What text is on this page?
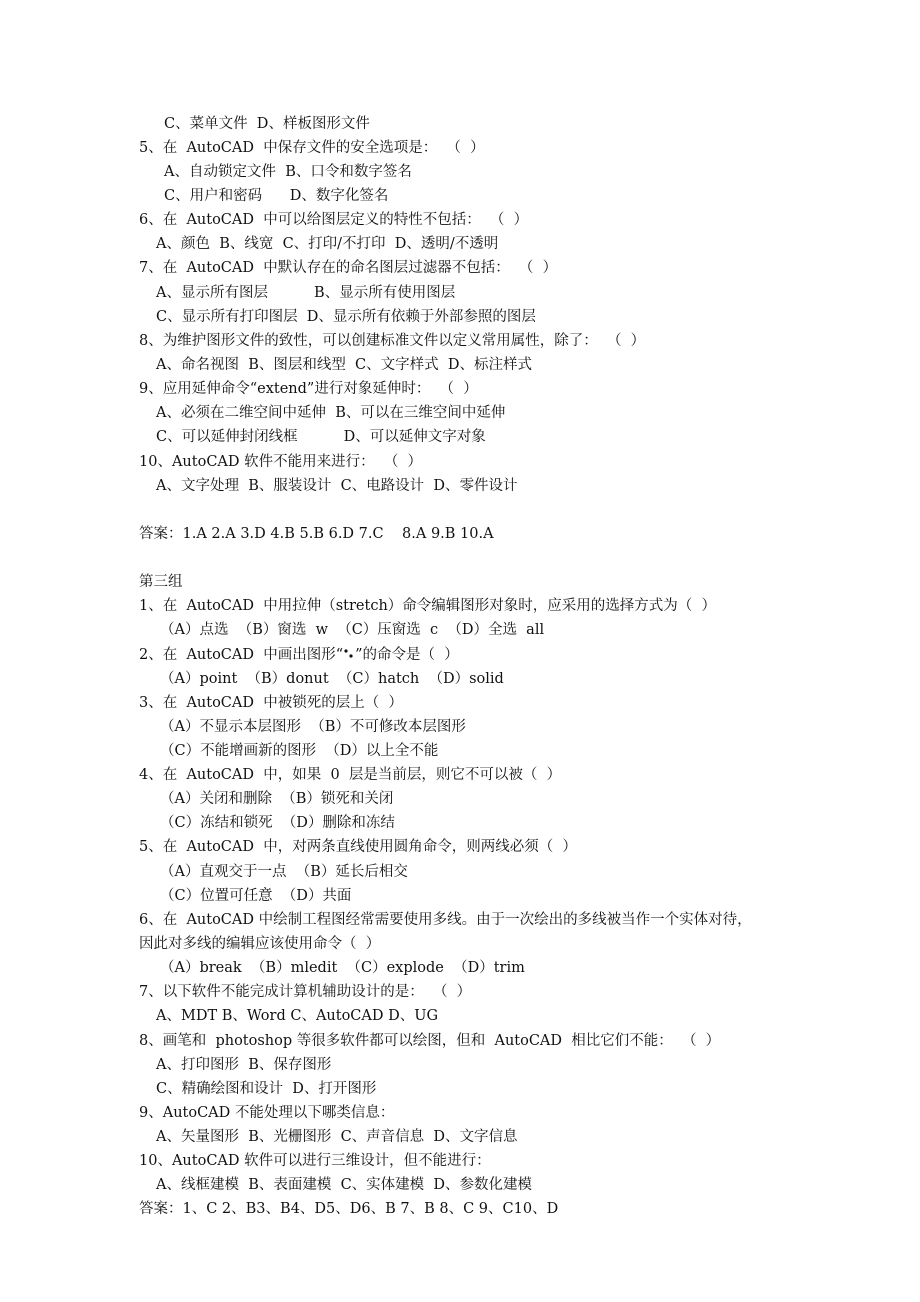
C、菜单文件  D、样板图形文件
5、在  AutoCAD  中保存文件的安全选项是：  （  ）
A、自动锁定文件  B、口令和数字签名
C、用户和密码      D、数字化签名
6、在  AutoCAD  中可以给图层定义的特性不包括：  （  ）
A、颜色  B、线宽  C、打印/不打印  D、透明/不透明
7、在  AutoCAD  中默认存在的命名图层过滤器不包括：  （  ）
A、显示所有图层          B、显示所有使用图层
C、显示所有打印图层  D、显示所有依赖于外部参照的图层
8、为维护图形文件的致性，可以创建标准文件以定义常用属性，除了：  （  ）
A、命名视图  B、图层和线型  C、文字样式  D、标注样式
9、应用延伸命令“extend”进行对象延伸时：  （  ）
A、必须在二维空间中延伸  B、可以在三维空间中延伸
C、可以延伸封闭线框          D、可以延伸文字对象
10、AutoCAD 软件不能用来进行：  （  ）
A、文字处理  B、服装设计  C、电路设计  D、零件设计
答案：1.A 2.A 3.D 4.B 5.B 6.D 7.C    8.A 9.B 10.A
第三组
1、在  AutoCAD  中用拉伸（stretch）命令编辑图形对象时，应采用的选择方式为（  ）
（A）点选  （B）窗选  w  （C）压窗选  c  （D）全选  all
2、在  AutoCAD  中画出图形“ ”的命令是（  ）
（A）point  （B）donut  （C）hatch  （D）solid
3、在  AutoCAD  中被锁死的层上（  ）
（A）不显示本层图形  （B）不可修改本层图形
（C）不能增画新的图形  （D）以上全不能
4、在  AutoCAD  中，如果  0  层是当前层，则它不可以被（  ）
（A）关闭和删除  （B）锁死和关闭
（C）冻结和锁死  （D）删除和冻结
5、在  AutoCAD  中，对两条直线使用圆角命令，则两线必须（  ）
（A）直观交于一点  （B）延长后相交
（C）位置可任意  （D）共面
6、在  AutoCAD 中绘制工程图经常需要使用多线。由于一次绘出的多线被当作一个实体对待，
因此对多线的编辑应该使用命令（  ）
（A）break  （B）mledit  （C）explode  （D）trim
7、以下软件不能完成计算机辅助设计的是：  （  ）
A、MDT B、Word C、AutoCAD D、UG
8、画笔和  photoshop 等很多软件都可以绘图，但和  AutoCAD  相比它们不能：  （  ）
A、打印图形  B、保存图形
C、精确绘图和设计  D、打开图形
9、AutoCAD 不能处理以下哪类信息：
A、矢量图形  B、光栅图形  C、声音信息  D、文字信息
10、AutoCAD 软件可以进行三维设计，但不能进行：
A、线框建模  B、表面建模  C、实体建模  D、参数化建模
答案：1、C 2、B3、B4、D5、D6、B 7、B 8、C 9、C10、D
